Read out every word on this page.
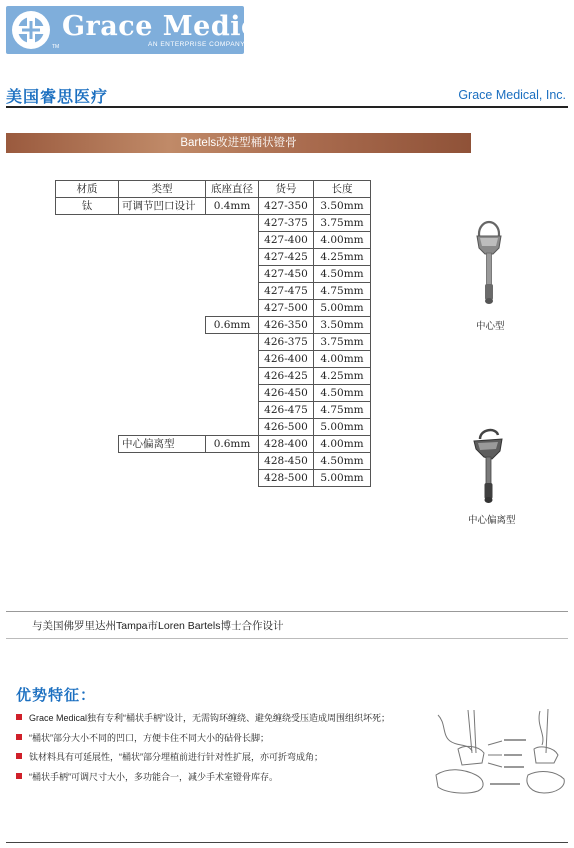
TM
Grace Medical
AN ENTERPRISE COMPANY
美国睿思医疗	Grace Medical, Inc.
Bartels改进型桶状镫骨
材质	类型	底座直径	货号	长度
钛	可调节凹口设计	0.4mm	427-350	3.50mm
			427-375	3.75mm
			427-400	4.00mm
			427-425	4.25mm
			427-450	4.50mm
			427-475	4.75mm
			427-500	5.00mm
		0.6mm	426-350	3.50mm
			426-375	3.75mm
			426-400	4.00mm
			426-425	4.25mm
			426-450	4.50mm
			426-475	4.75mm
			426-500	5.00mm
	中心偏离型	0.6mm	428-400	4.00mm
			428-450	4.50mm
			428-500	5.00mm
中心型
中心偏离型
与美国佛罗里达州Tampa市Loren Bartels博士合作设计
优势特征：
Grace Medical独有专利“桶状手柄”设计，无需钩环缠绕、避免缠绕受压造成周围组织坏死；
“桶状”部分大小不同的凹口，方便卡住不同大小的砧骨长脚；
钛材料具有可延展性，“桶状”部分埋植前进行针对性扩展，亦可折弯成角；
“桶状手柄”可调尺寸大小，多功能合一，减少手术室镫骨库存。
